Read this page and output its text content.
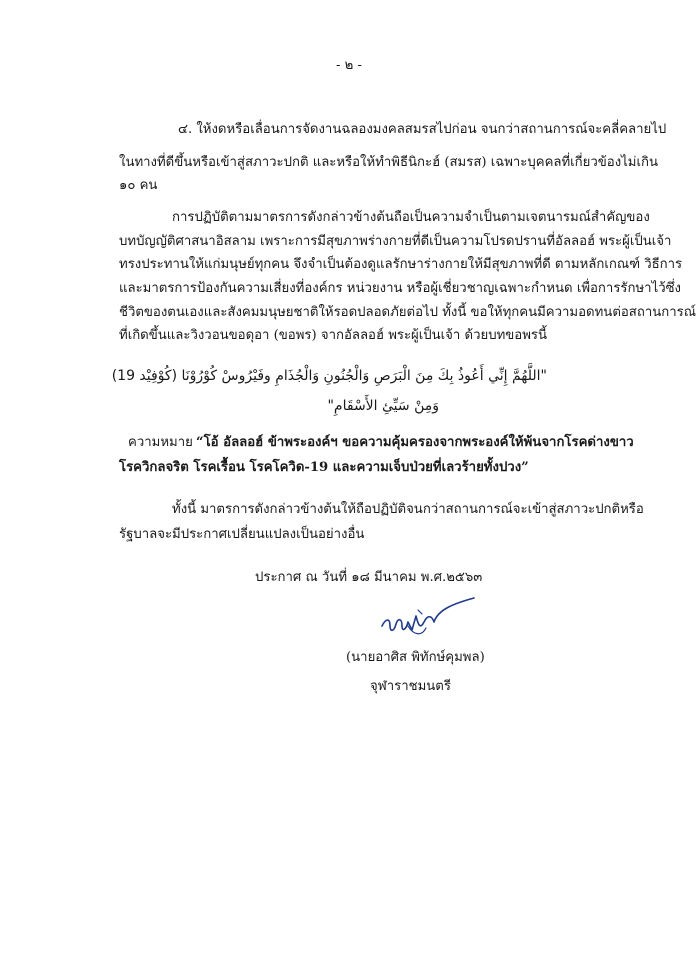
- ๒ -
๔. ให้งดหรือเลื่อนการจัดงานฉลองมงคลสมรสไปก่อน จนกว่าสถานการณ์จะคลี่คลายไป
ในทางที่ดีขึ้นหรือเข้าสู่สภาวะปกติ และหรือให้ทำพิธีนิกะฮ์ (สมรส) เฉพาะบุคคลที่เกี่ยวข้องไม่เกิน
๑๐ คน
การปฏิบัติตามมาตรการดังกล่าวข้างต้นถือเป็นความจำเป็นตามเจตนารมณ์สำคัญของ
บทบัญญัติศาสนาอิสลาม เพราะการมีสุขภาพร่างกายที่ดีเป็นความโปรดปรานที่อัลลอฮ์ พระผู้เป็นเจ้า
ทรงประทานให้แก่มนุษย์ทุกคน จึงจำเป็นต้องดูแลรักษาร่างกายให้มีสุขภาพที่ดี ตามหลักเกณฑ์ วิธีการ
และมาตรการป้องกันความเสี่ยงที่องค์กร หน่วยงาน หรือผู้เชี่ยวชาญเฉพาะกำหนด เพื่อการรักษาไว้ซึ่ง
ชีวิตของตนเองและสังคมมนุษยชาติให้รอดปลอดภัยต่อไป ทั้งนี้ ขอให้ทุกคนมีความอดทนต่อสถานการณ์
ที่เกิดขึ้นและวิงวอนขอดุอา (ขอพร) จากอัลลอฮ์ พระผู้เป็นเจ้า ด้วยบทขอพรนี้
"اللَّهُمَّ إِنِّي أَعُوذُ بِكَ مِنَ الْبَرَصِ وَالْجُنُونِ وَالْجُذَامِ وفَيْرُوسْ كُوْرُوْنَا (كُوْفِيْد 19)
وَمِنْ سَيِّئِ الأَسْقَامِ"
ความหมาย “โอ้ อัลลอฮ์ ข้าพระองค์ฯ ขอความคุ้มครองจากพระองค์ให้พ้นจากโรคด่างขาว
โรควิกลจริต โรคเรื้อน โรคโควิด-19 และความเจ็บป่วยที่เลวร้ายทั้งปวง”
ทั้งนี้ มาตรการดังกล่าวข้างต้นให้ถือปฏิบัติจนกว่าสถานการณ์จะเข้าสู่สภาวะปกติหรือ
รัฐบาลจะมีประกาศเปลี่ยนแปลงเป็นอย่างอื่น
ประกาศ ณ วันที่ ๑๘ มีนาคม พ.ศ.๒๕๖๓
(นายอาศิส พิทักษ์คุมพล)
จุฬาราชมนตรี
